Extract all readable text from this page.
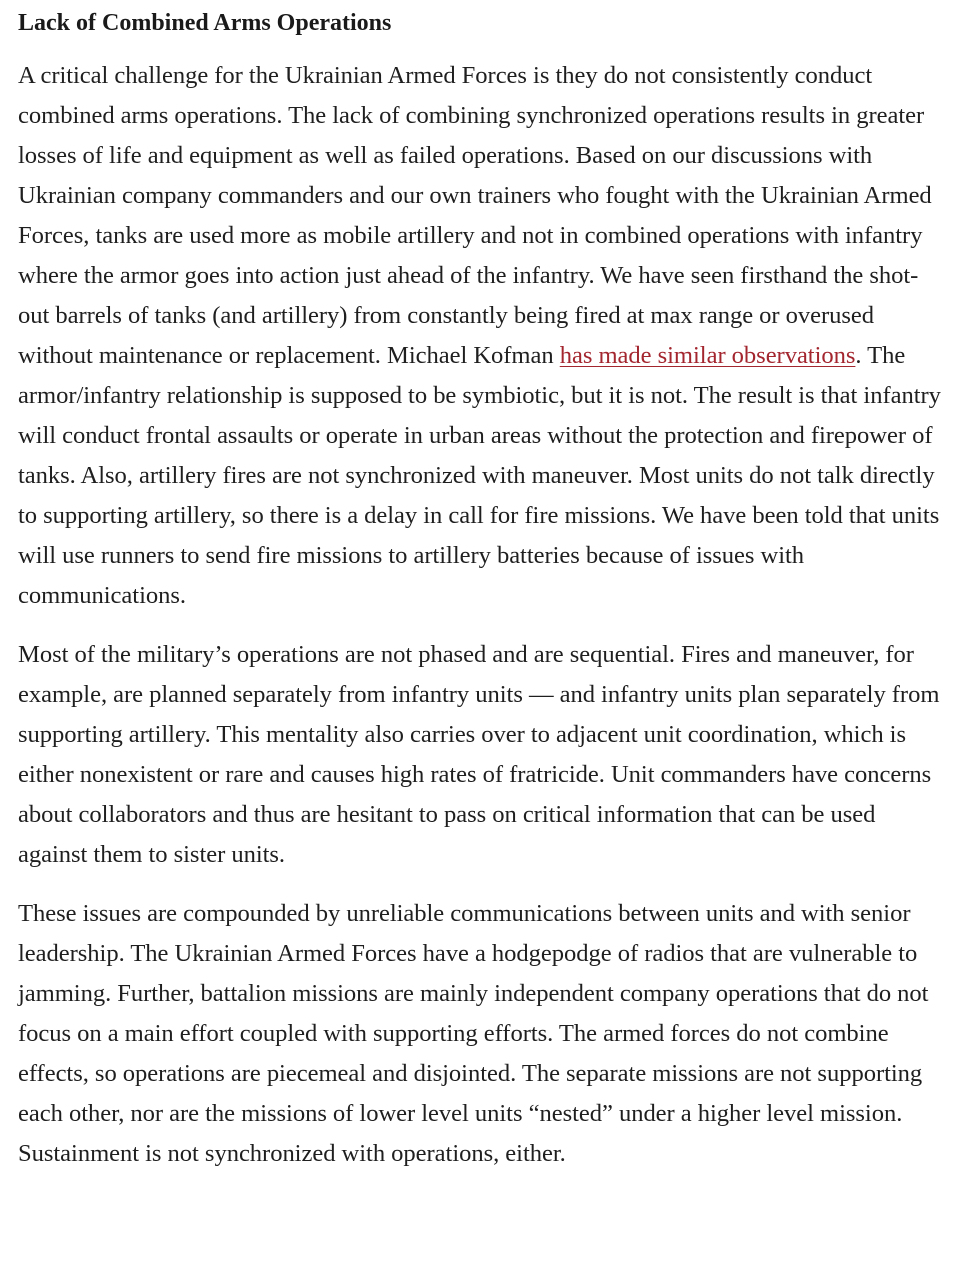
Lack of Combined Arms Operations

A critical challenge for the Ukrainian Armed Forces is they do not consistently conduct combined arms operations. The lack of combining synchronized operations results in greater losses of life and equipment as well as failed operations. Based on our discussions with Ukrainian company commanders and our own trainers who fought with the Ukrainian Armed Forces, tanks are used more as mobile artillery and not in combined operations with infantry where the armor goes into action just ahead of the infantry. We have seen firsthand the shot-out barrels of tanks (and artillery) from constantly being fired at max range or overused without maintenance or replacement. Michael Kofman has made similar observations. The armor/infantry relationship is supposed to be symbiotic, but it is not. The result is that infantry will conduct frontal assaults or operate in urban areas without the protection and firepower of tanks. Also, artillery fires are not synchronized with maneuver. Most units do not talk directly to supporting artillery, so there is a delay in call for fire missions. We have been told that units will use runners to send fire missions to artillery batteries because of issues with communications.

Most of the military’s operations are not phased and are sequential. Fires and maneuver, for example, are planned separately from infantry units — and infantry units plan separately from supporting artillery. This mentality also carries over to adjacent unit coordination, which is either nonexistent or rare and causes high rates of fratricide. Unit commanders have concerns about collaborators and thus are hesitant to pass on critical information that can be used against them to sister units.

These issues are compounded by unreliable communications between units and with senior leadership. The Ukrainian Armed Forces have a hodgepodge of radios that are vulnerable to jamming. Further, battalion missions are mainly independent company operations that do not focus on a main effort coupled with supporting efforts. The armed forces do not combine effects, so operations are piecemeal and disjointed. The separate missions are not supporting each other, nor are the missions of lower level units “nested” under a higher level mission. Sustainment is not synchronized with operations, either.
